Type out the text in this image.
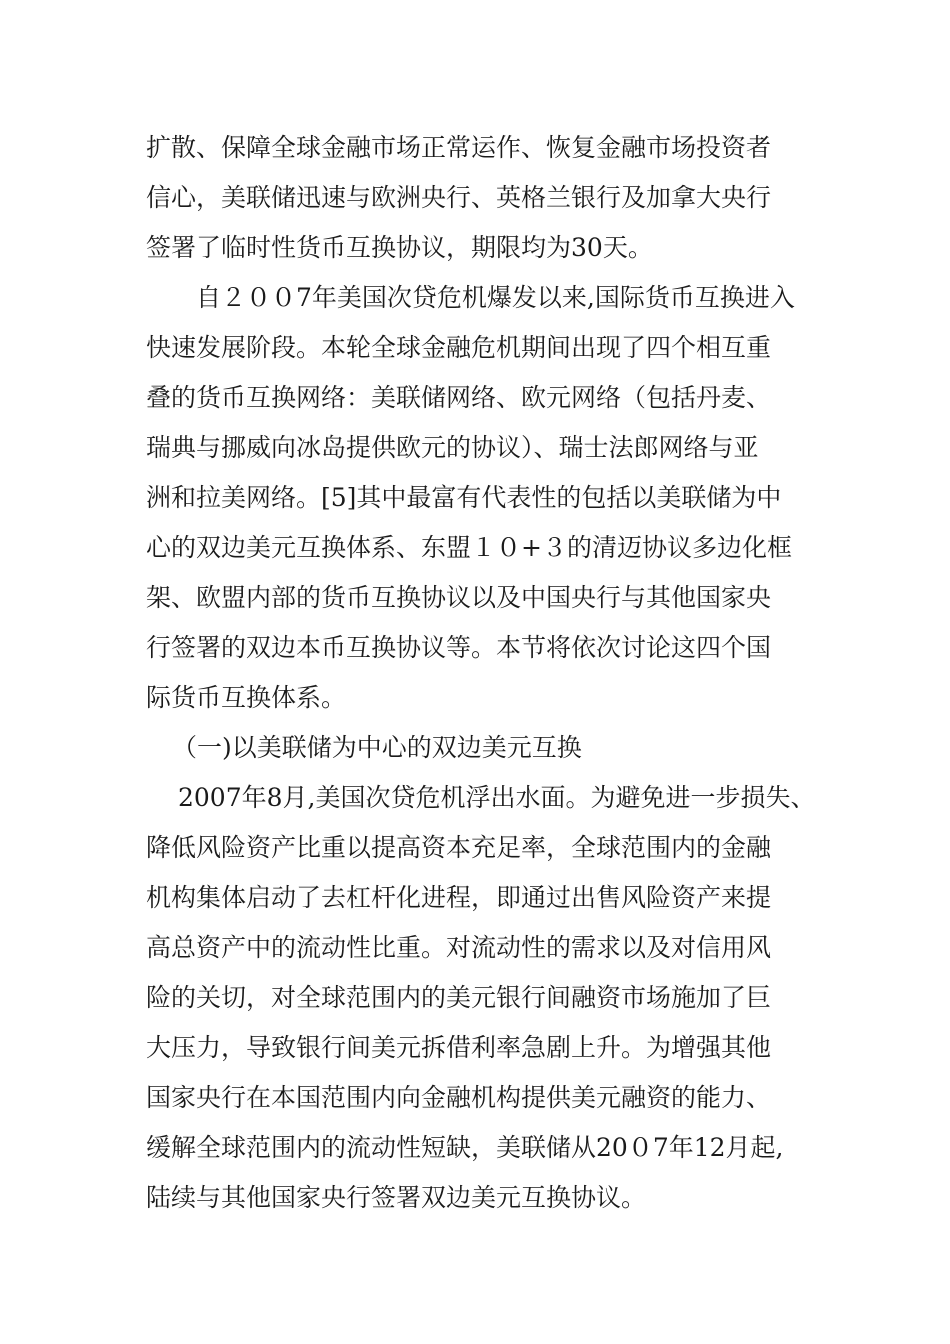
扩散、保障全球金融市场正常运作、恢复金融市场投资者
信心，美联储迅速与欧洲央行、英格兰银行及加拿大央行
签署了临时性货币互换协议，期限均为30天。
自２００7年美国次贷危机爆发以来,国际货币互换进入
快速发展阶段。本轮全球金融危机期间出现了四个相互重
叠的货币互换网络：美联储网络、欧元网络（包括丹麦、
瑞典与挪威向冰岛提供欧元的协议）、瑞士法郎网络与亚
洲和拉美网络。[5]其中最富有代表性的包括以美联储为中
心的双边美元互换体系、东盟１０+３的清迈协议多边化框
架、欧盟内部的货币互换协议以及中国央行与其他国家央
行签署的双边本币互换协议等。本节将依次讨论这四个国
际货币互换体系。
（一)以美联储为中心的双边美元互换
2007年8月,美国次贷危机浮出水面。为避免进一步损失、
降低风险资产比重以提高资本充足率，全球范围内的金融
机构集体启动了去杠杆化进程，即通过出售风险资产来提
高总资产中的流动性比重。对流动性的需求以及对信用风
险的关切，对全球范围内的美元银行间融资市场施加了巨
大压力，导致银行间美元拆借利率急剧上升。为增强其他
国家央行在本国范围内向金融机构提供美元融资的能力、
缓解全球范围内的流动性短缺，美联储从20０7年12月起,
陆续与其他国家央行签署双边美元互换协议。
